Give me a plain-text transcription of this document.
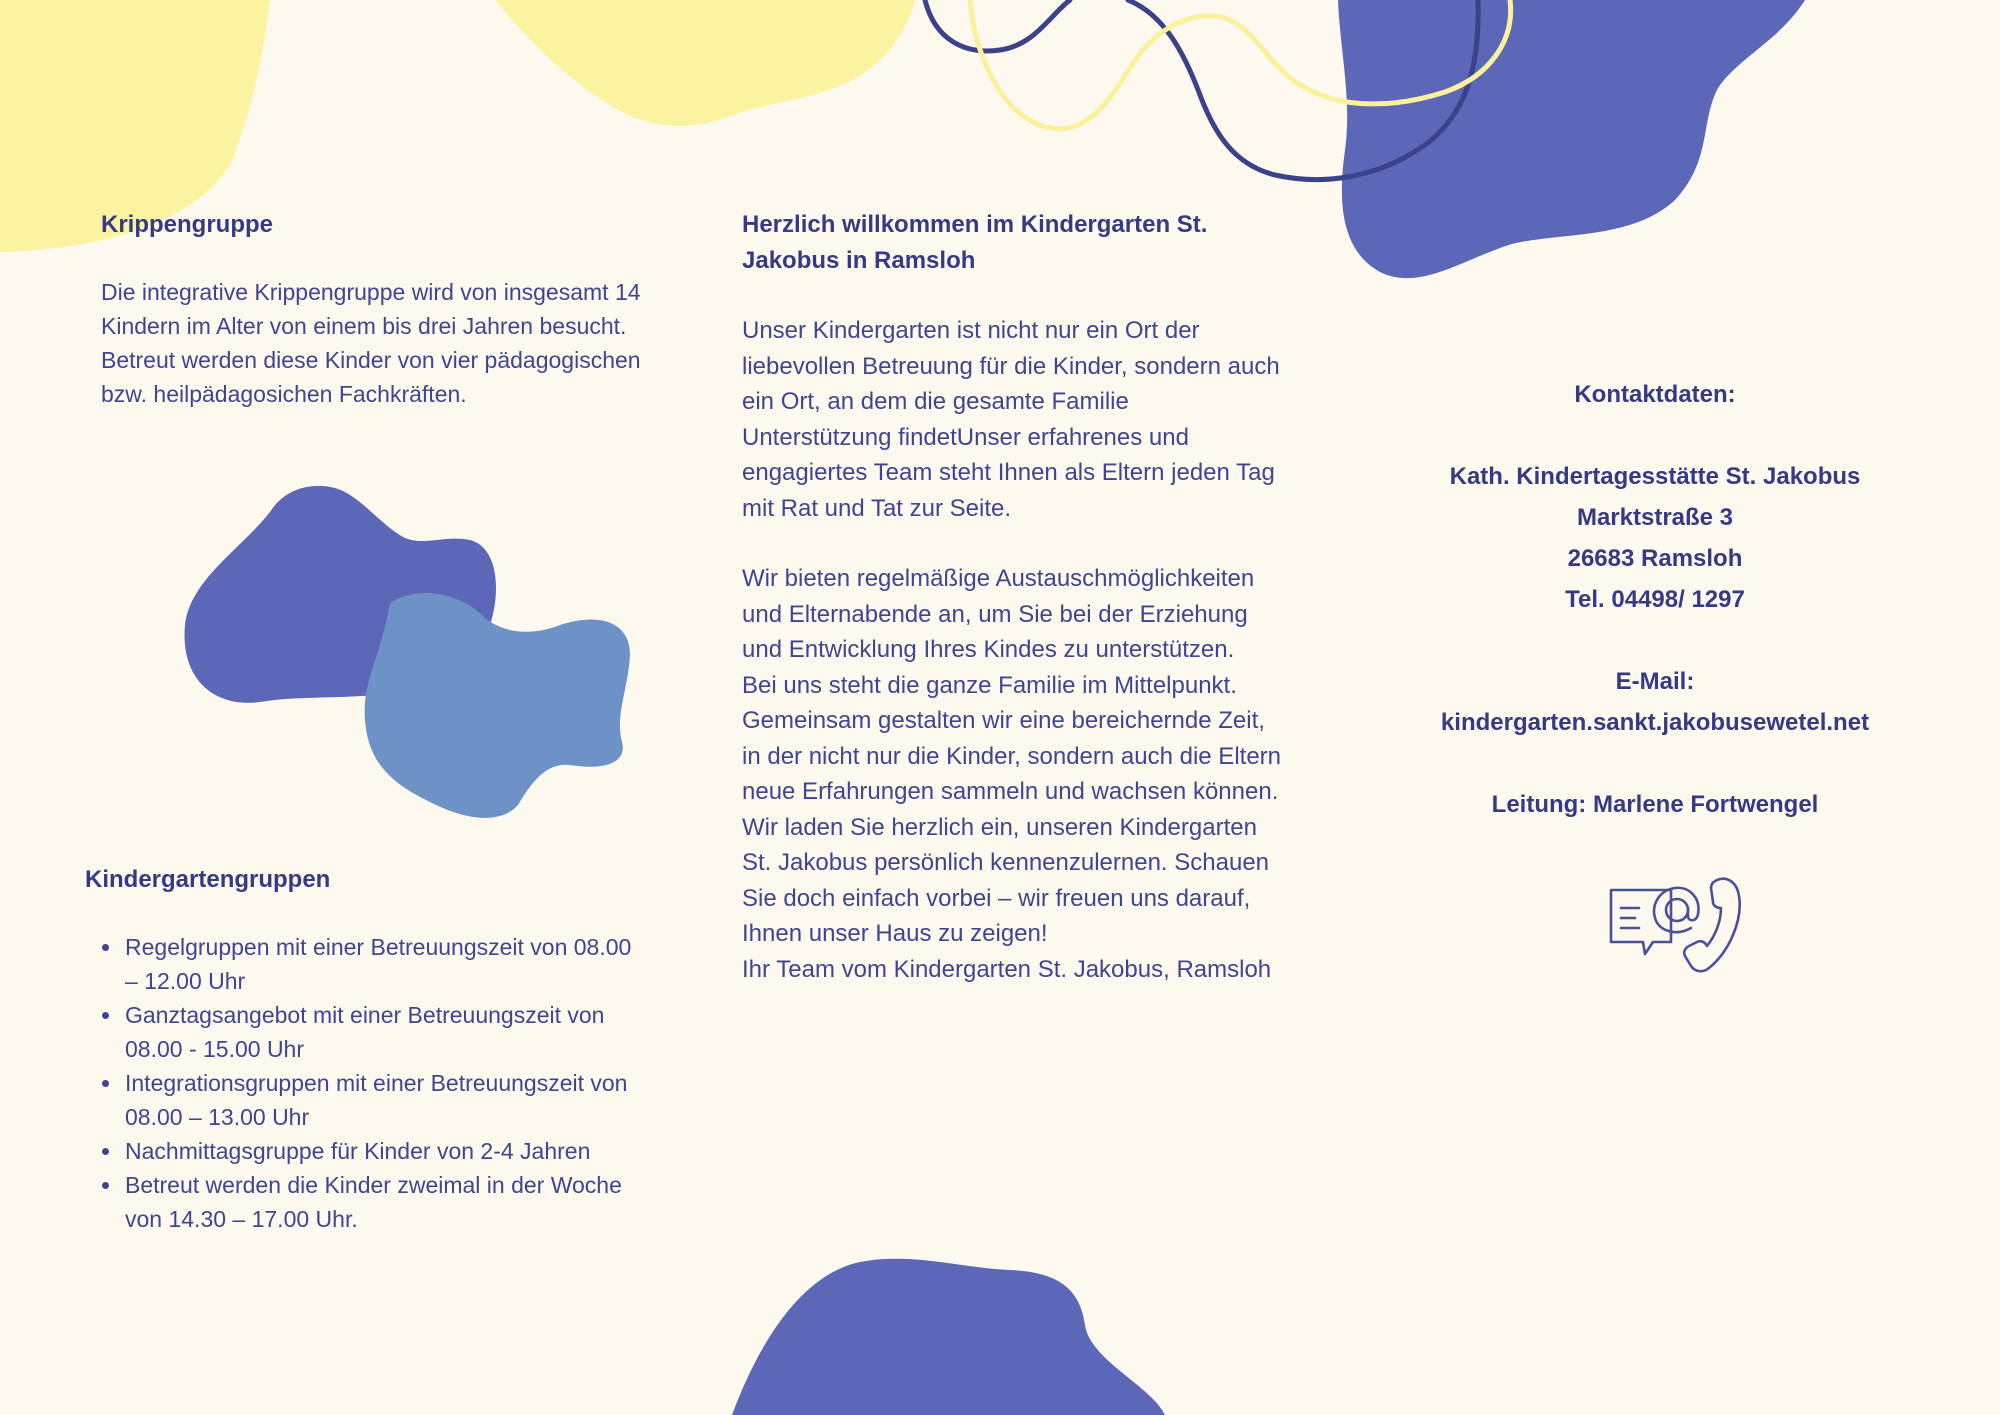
Krippengruppe

Die integrative Krippengruppe wird von insgesamt 14 Kindern im Alter von einem bis drei Jahren besucht. Betreut werden diese Kinder von vier pädagogischen bzw. heilpädagosichen Fachkräften.

Kindergartengruppen
• Regelgruppen mit einer Betreuungszeit von 08.00 – 12.00 Uhr
• Ganztagsangebot mit einer Betreuungszeit von 08.00 - 15.00 Uhr
• Integrationsgruppen mit einer Betreuungszeit von 08.00 – 13.00 Uhr
• Nachmittagsgruppe für Kinder von 2-4 Jahren
• Betreut werden die Kinder zweimal in der Woche von 14.30 – 17.00 Uhr.
Herzlich willkommen im Kindergarten St. Jakobus in Ramsloh

Unser Kindergarten ist nicht nur ein Ort der liebevollen Betreuung für die Kinder, sondern auch ein Ort, an dem die gesamte Familie Unterstützung findetUnser erfahrenes und engagiertes Team steht Ihnen als Eltern jeden Tag mit Rat und Tat zur Seite.

Wir bieten regelmäßige Austauschmöglichkeiten und Elternabende an, um Sie bei der Erziehung und Entwicklung Ihres Kindes zu unterstützen.

Bei uns steht die ganze Familie im Mittelpunkt. Gemeinsam gestalten wir eine bereichernde Zeit, in der nicht nur die Kinder, sondern auch die Eltern neue Erfahrungen sammeln und wachsen können. Wir laden Sie herzlich ein, unseren Kindergarten St. Jakobus persönlich kennenzulernen. Schauen Sie doch einfach vorbei – wir freuen uns darauf, Ihnen unser Haus zu zeigen!

Ihr Team vom Kindergarten St. Jakobus, Ramsloh

Kontaktdaten:
Kath. Kindertagesstätte St. Jakobus
Marktstraße 3
26683 Ramsloh
Tel. 04498/ 1297
E-Mail:
kindergarten.sankt.jakobusewetel.net
Leitung: Marlene Fortwengel
